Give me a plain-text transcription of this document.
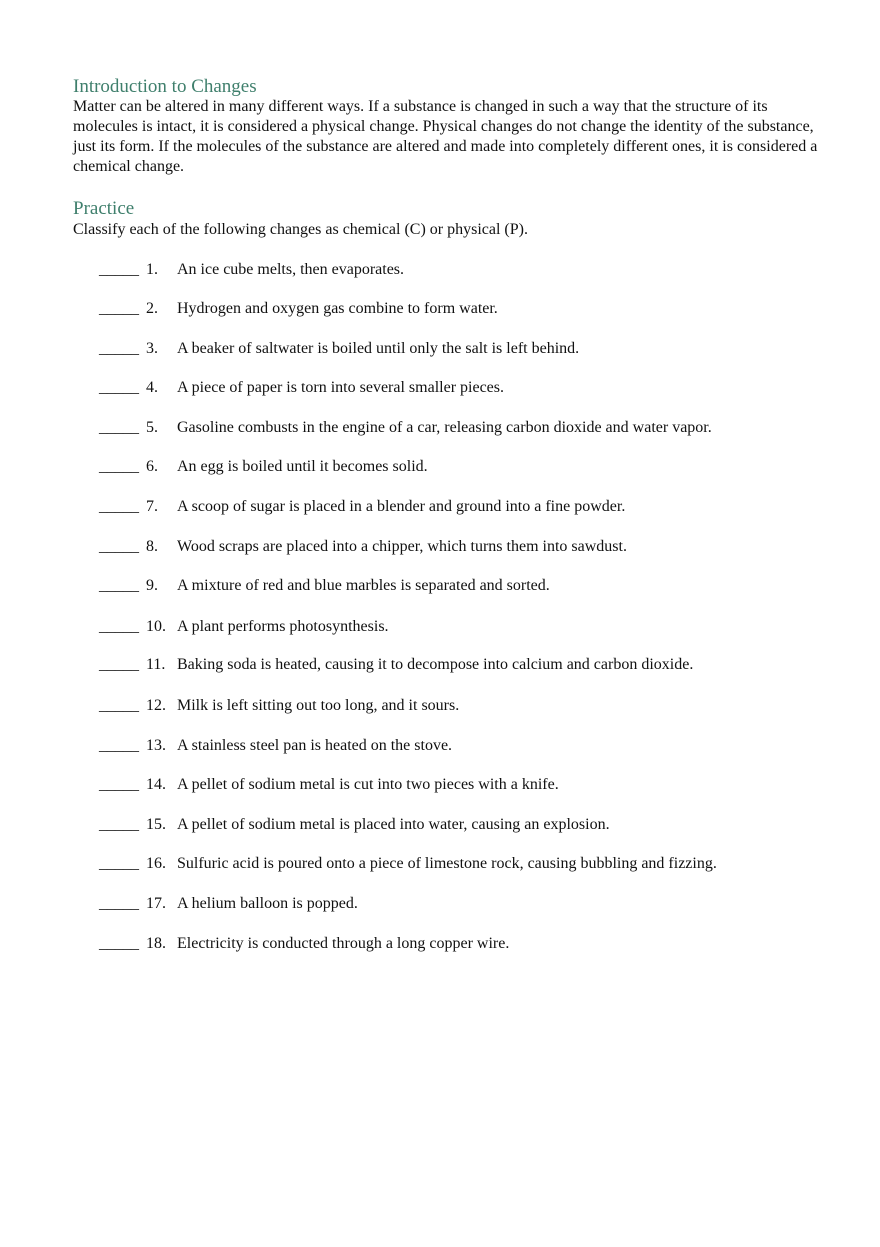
Introduction to Changes

Matter can be altered in many different ways. If a substance is changed in such a way that the structure of its molecules is intact, it is considered a physical change. Physical changes do not change the identity of the substance, just its form. If the molecules of the substance are altered and made into completely different ones, it is considered a chemical change.

Practice

Classify each of the following changes as chemical (C) or physical (P).

_____ 1. An ice cube melts, then evaporates.
_____ 2. Hydrogen and oxygen gas combine to form water.
_____ 3. A beaker of saltwater is boiled until only the salt is left behind.
_____ 4. A piece of paper is torn into several smaller pieces.
_____ 5. Gasoline combusts in the engine of a car, releasing carbon dioxide and water vapor.
_____ 6. An egg is boiled until it becomes solid.
_____ 7. A scoop of sugar is placed in a blender and ground into a fine powder.
_____ 8. Wood scraps are placed into a chipper, which turns them into sawdust.
_____ 9. A mixture of red and blue marbles is separated and sorted.
_____ 10. A plant performs photosynthesis.
_____ 11. Baking soda is heated, causing it to decompose into calcium and carbon dioxide.
_____ 12. Milk is left sitting out too long, and it sours.
_____ 13. A stainless steel pan is heated on the stove.
_____ 14. A pellet of sodium metal is cut into two pieces with a knife.
_____ 15. A pellet of sodium metal is placed into water, causing an explosion.
_____ 16. Sulfuric acid is poured onto a piece of limestone rock, causing bubbling and fizzing.
_____ 17. A helium balloon is popped.
_____ 18. Electricity is conducted through a long copper wire.
